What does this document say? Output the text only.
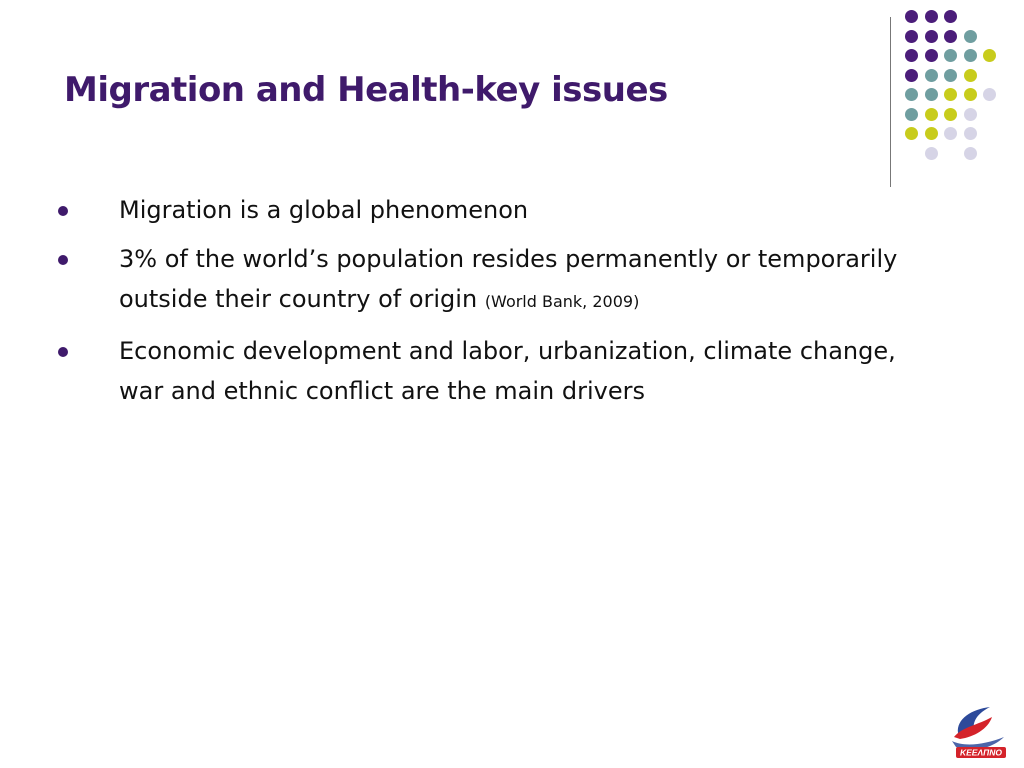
Migration and Health-key issues
Migration is a global phenomenon
3% of the world’s population resides permanently or temporarily outside their country of origin (World Bank, 2009)
Economic development and labor, urbanization, climate change, war and ethnic conflict are the main drivers
ΚΕΕΛΠΝΟ
